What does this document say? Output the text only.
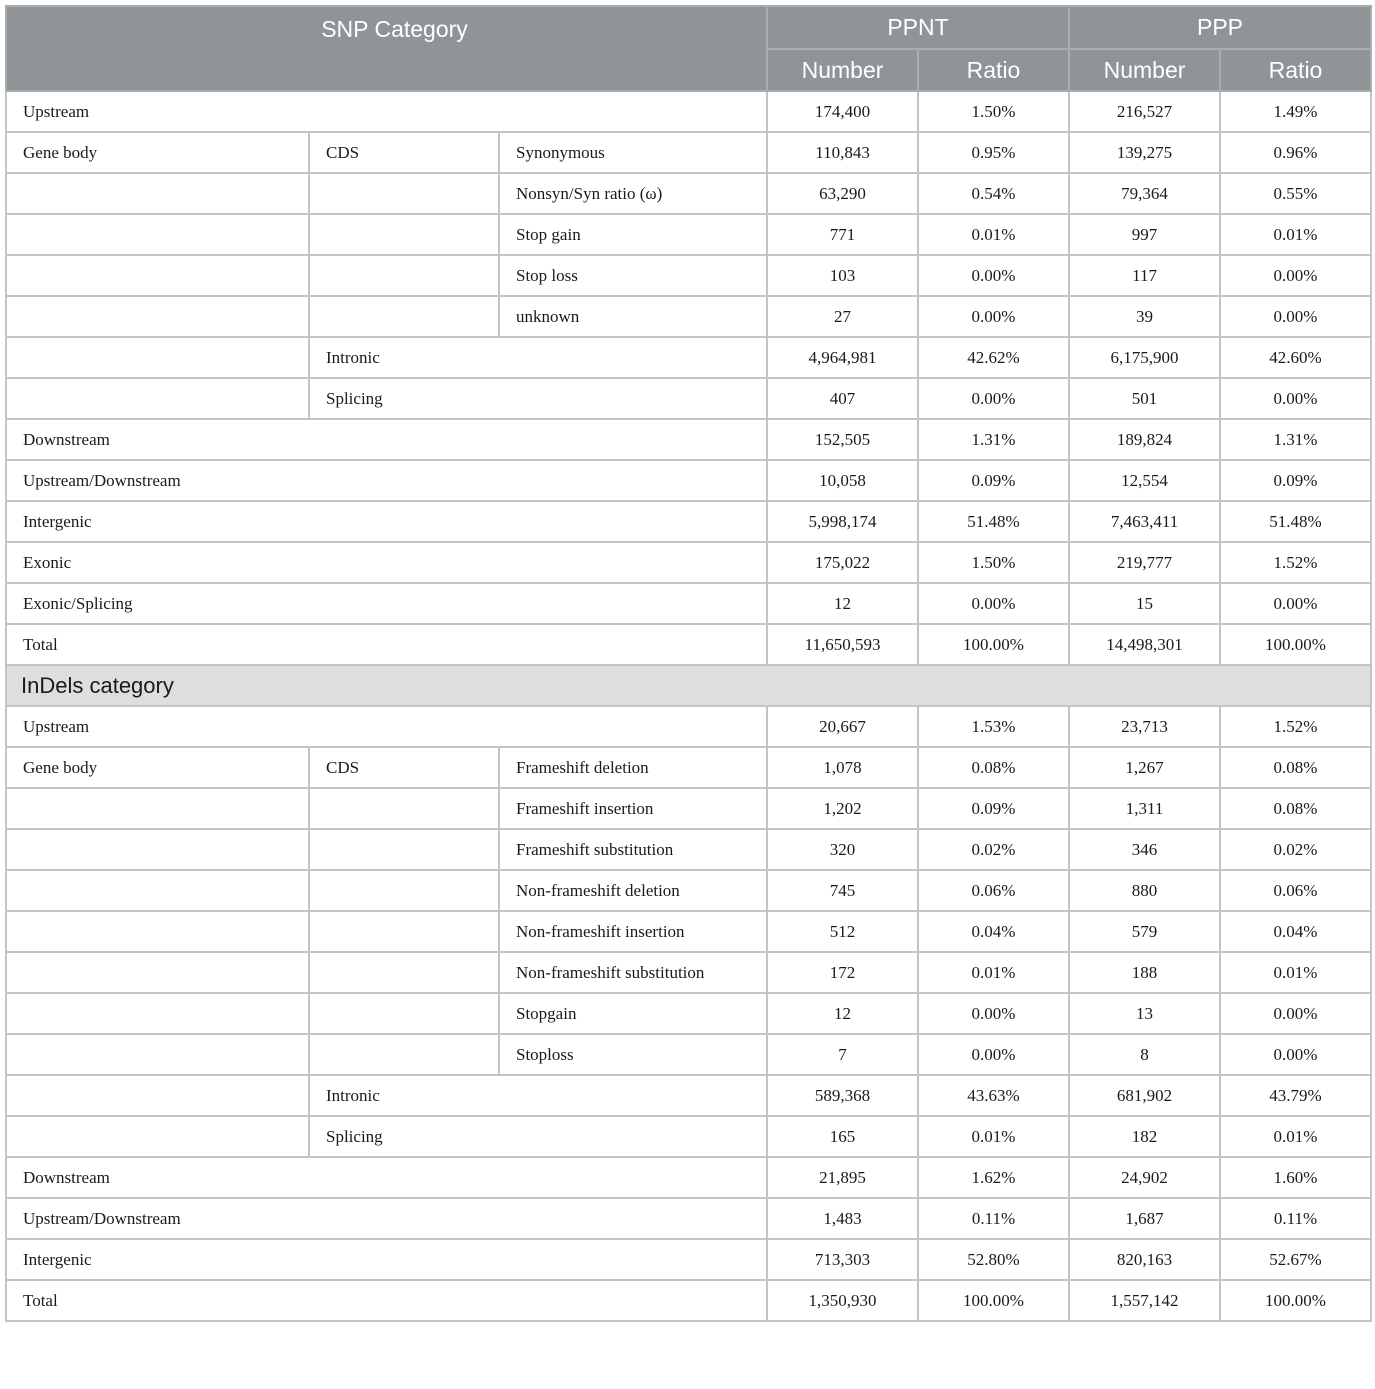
SNP Category			PPNT		PPP	
			Number	Ratio	Number	Ratio
Upstream			174,400	1.50%	216,527	1.49%
Gene body	CDS	Synonymous	110,843	0.95%	139,275	0.96%
		Nonsyn/Syn ratio (ω)	63,290	0.54%	79,364	0.55%
		Stop gain	771	0.01%	997	0.01%
		Stop loss	103	0.00%	117	0.00%
		unknown	27	0.00%	39	0.00%
	Intronic		4,964,981	42.62%	6,175,900	42.60%
	Splicing		407	0.00%	501	0.00%
Downstream			152,505	1.31%	189,824	1.31%
Upstream/Downstream			10,058	0.09%	12,554	0.09%
Intergenic			5,998,174	51.48%	7,463,411	51.48%
Exonic			175,022	1.50%	219,777	1.52%
Exonic/Splicing			12	0.00%	15	0.00%
Total			11,650,593	100.00%	14,498,301	100.00%
InDels category						
Upstream			20,667	1.53%	23,713	1.52%
Gene body	CDS	Frameshift deletion	1,078	0.08%	1,267	0.08%
		Frameshift insertion	1,202	0.09%	1,311	0.08%
		Frameshift substitution	320	0.02%	346	0.02%
		Non-frameshift deletion	745	0.06%	880	0.06%
		Non-frameshift insertion	512	0.04%	579	0.04%
		Non-frameshift substitution	172	0.01%	188	0.01%
		Stopgain	12	0.00%	13	0.00%
		Stoploss	7	0.00%	8	0.00%
	Intronic		589,368	43.63%	681,902	43.79%
	Splicing		165	0.01%	182	0.01%
Downstream			21,895	1.62%	24,902	1.60%
Upstream/Downstream			1,483	0.11%	1,687	0.11%
Intergenic			713,303	52.80%	820,163	52.67%
Total			1,350,930	100.00%	1,557,142	100.00%
